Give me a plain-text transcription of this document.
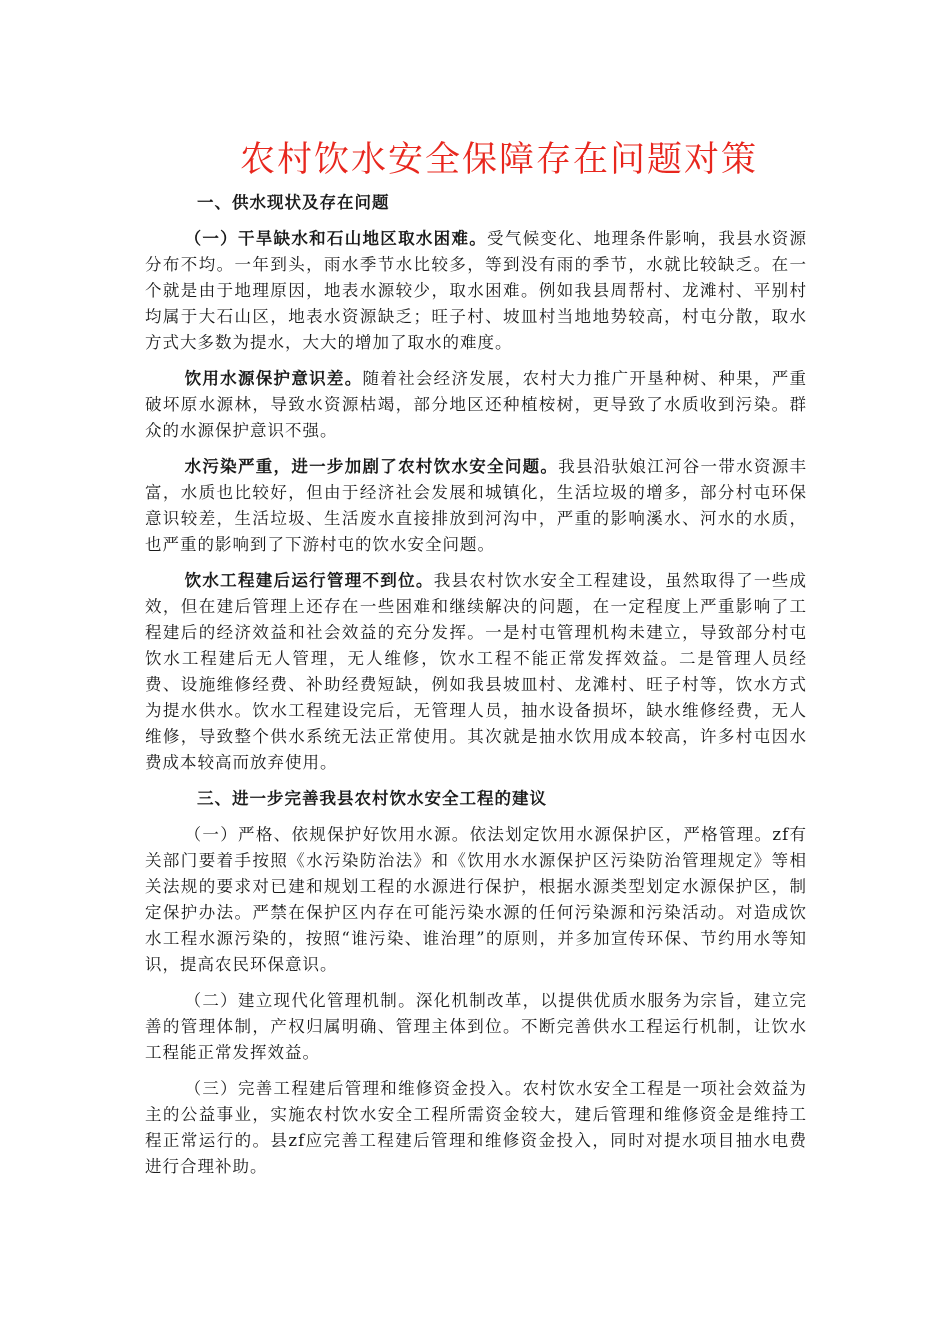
农村饮水安全保障存在问题对策

一、供水现状及存在问题

（一）干旱缺水和石山地区取水困难。受气候变化、地理条件影响，我县水资源分布不均。一年到头，雨水季节水比较多，等到没有雨的季节，水就比较缺乏。在一个就是由于地理原因，地表水源较少，取水困难。例如我县周帮村、龙滩村、平别村均属于大石山区，地表水资源缺乏；旺子村、坡皿村当地地势较高，村屯分散，取水方式大多数为提水，大大的增加了取水的难度。

饮用水源保护意识差。随着社会经济发展，农村大力推广开垦种树、种果，严重破坏原水源林，导致水资源枯竭，部分地区还种植桉树，更导致了水质收到污染。群众的水源保护意识不强。

水污染严重，进一步加剧了农村饮水安全问题。我县沿驮娘江河谷一带水资源丰富，水质也比较好，但由于经济社会发展和城镇化，生活垃圾的增多，部分村屯环保意识较差，生活垃圾、生活废水直接排放到河沟中，严重的影响溪水、河水的水质，也严重的影响到了下游村屯的饮水安全问题。

饮水工程建后运行管理不到位。我县农村饮水安全工程建设，虽然取得了一些成效，但在建后管理上还存在一些困难和继续解决的问题，在一定程度上严重影响了工程建后的经济效益和社会效益的充分发挥。一是村屯管理机构未建立，导致部分村屯饮水工程建后无人管理，无人维修，饮水工程不能正常发挥效益。二是管理人员经费、设施维修经费、补助经费短缺，例如我县坡皿村、龙滩村、旺子村等，饮水方式为提水供水。饮水工程建设完后，无管理人员，抽水设备损坏，缺水维修经费，无人维修，导致整个供水系统无法正常使用。其次就是抽水饮用成本较高，许多村屯因水费成本较高而放弃使用。

三、进一步完善我县农村饮水安全工程的建议

（一）严格、依规保护好饮用水源。依法划定饮用水源保护区，严格管理。zf有关部门要着手按照《水污染防治法》和《饮用水水源保护区污染防治管理规定》等相关法规的要求对已建和规划工程的水源进行保护，根据水源类型划定水源保护区，制定保护办法。严禁在保护区内存在可能污染水源的任何污染源和污染活动。对造成饮水工程水源污染的，按照“谁污染、谁治理”的原则，并多加宣传环保、节约用水等知识，提高农民环保意识。

（二）建立现代化管理机制。深化机制改革，以提供优质水服务为宗旨，建立完善的管理体制，产权归属明确、管理主体到位。不断完善供水工程运行机制，让饮水工程能正常发挥效益。

（三）完善工程建后管理和维修资金投入。农村饮水安全工程是一项社会效益为主的公益事业，实施农村饮水安全工程所需资金较大，建后管理和维修资金是维持工程正常运行的。县zf应完善工程建后管理和维修资金投入，同时对提水项目抽水电费进行合理补助。
